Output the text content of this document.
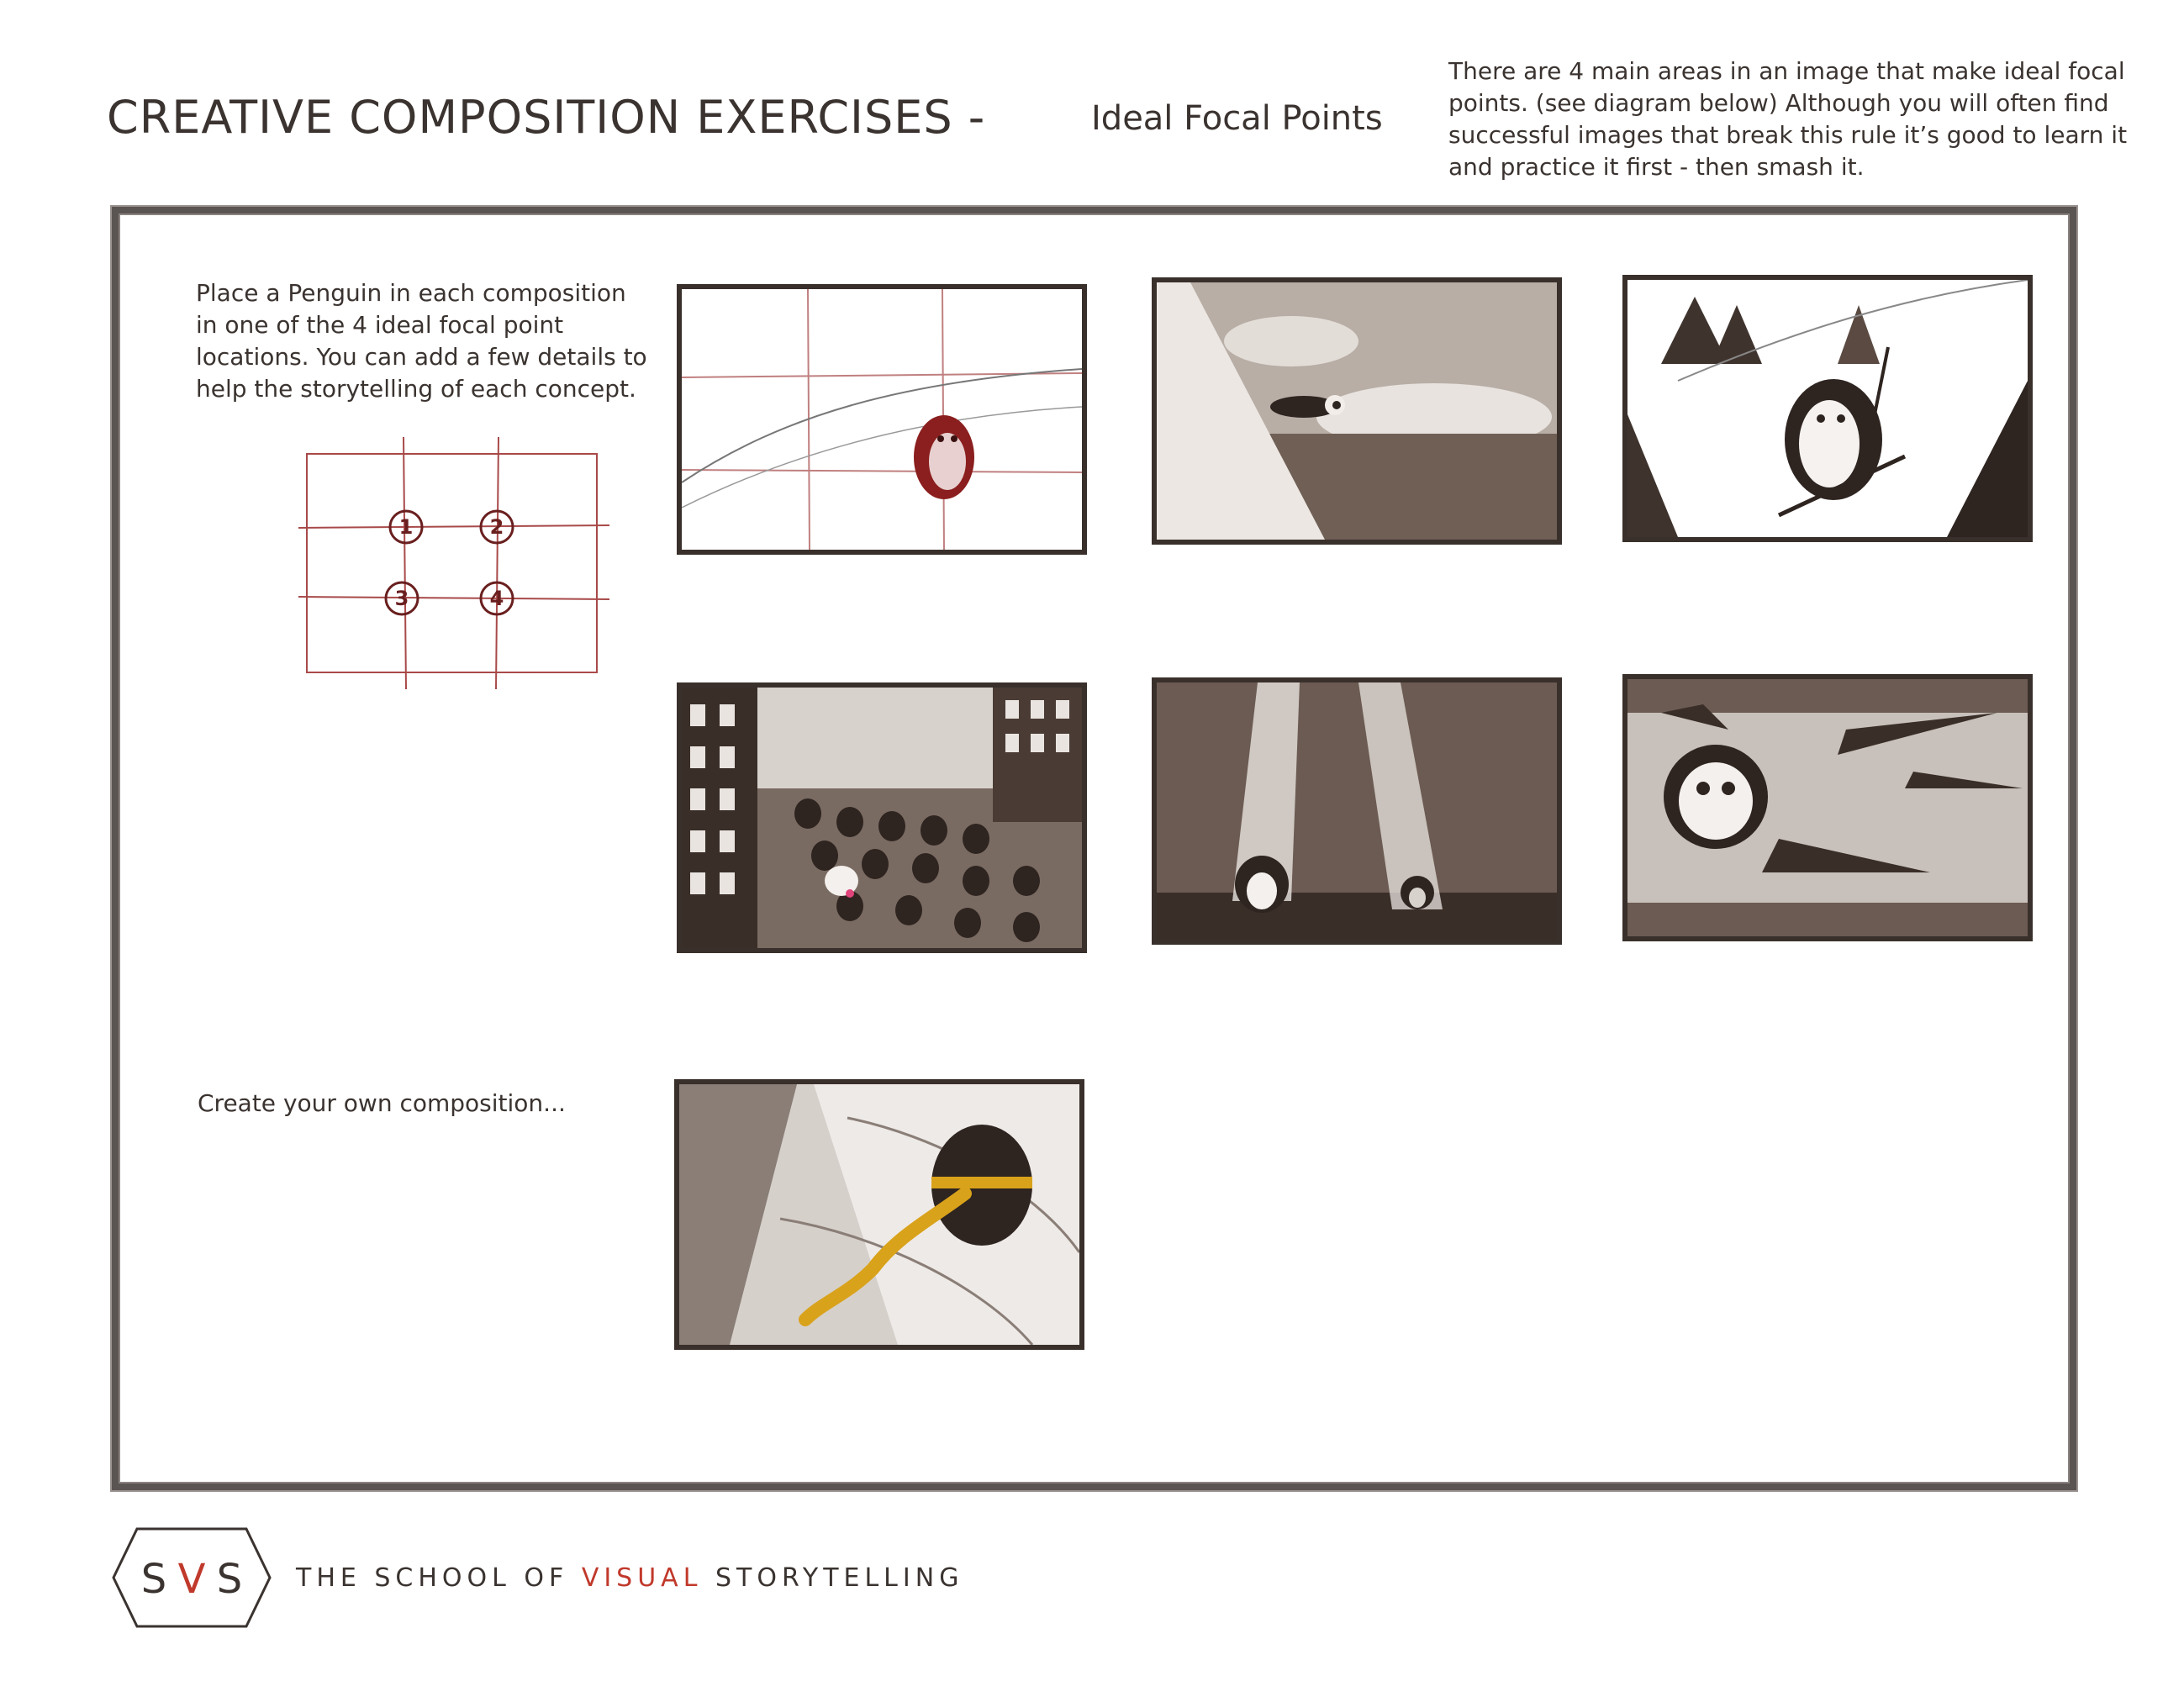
CREATIVE COMPOSITION EXERCISES -	Ideal Focal Points
There are 4 main areas in an image that make ideal focal points. (see diagram below) Although you will often find successful images that break this rule it’s good to learn it and practice it first - then smash it.
Place a Penguin in each composition in one of the 4 ideal focal point locations. You can add a few details to help the storytelling of each concept.
1	2
3	4
Create your own composition...
S V S THE SCHOOL OF VISUAL STORYTELLING
